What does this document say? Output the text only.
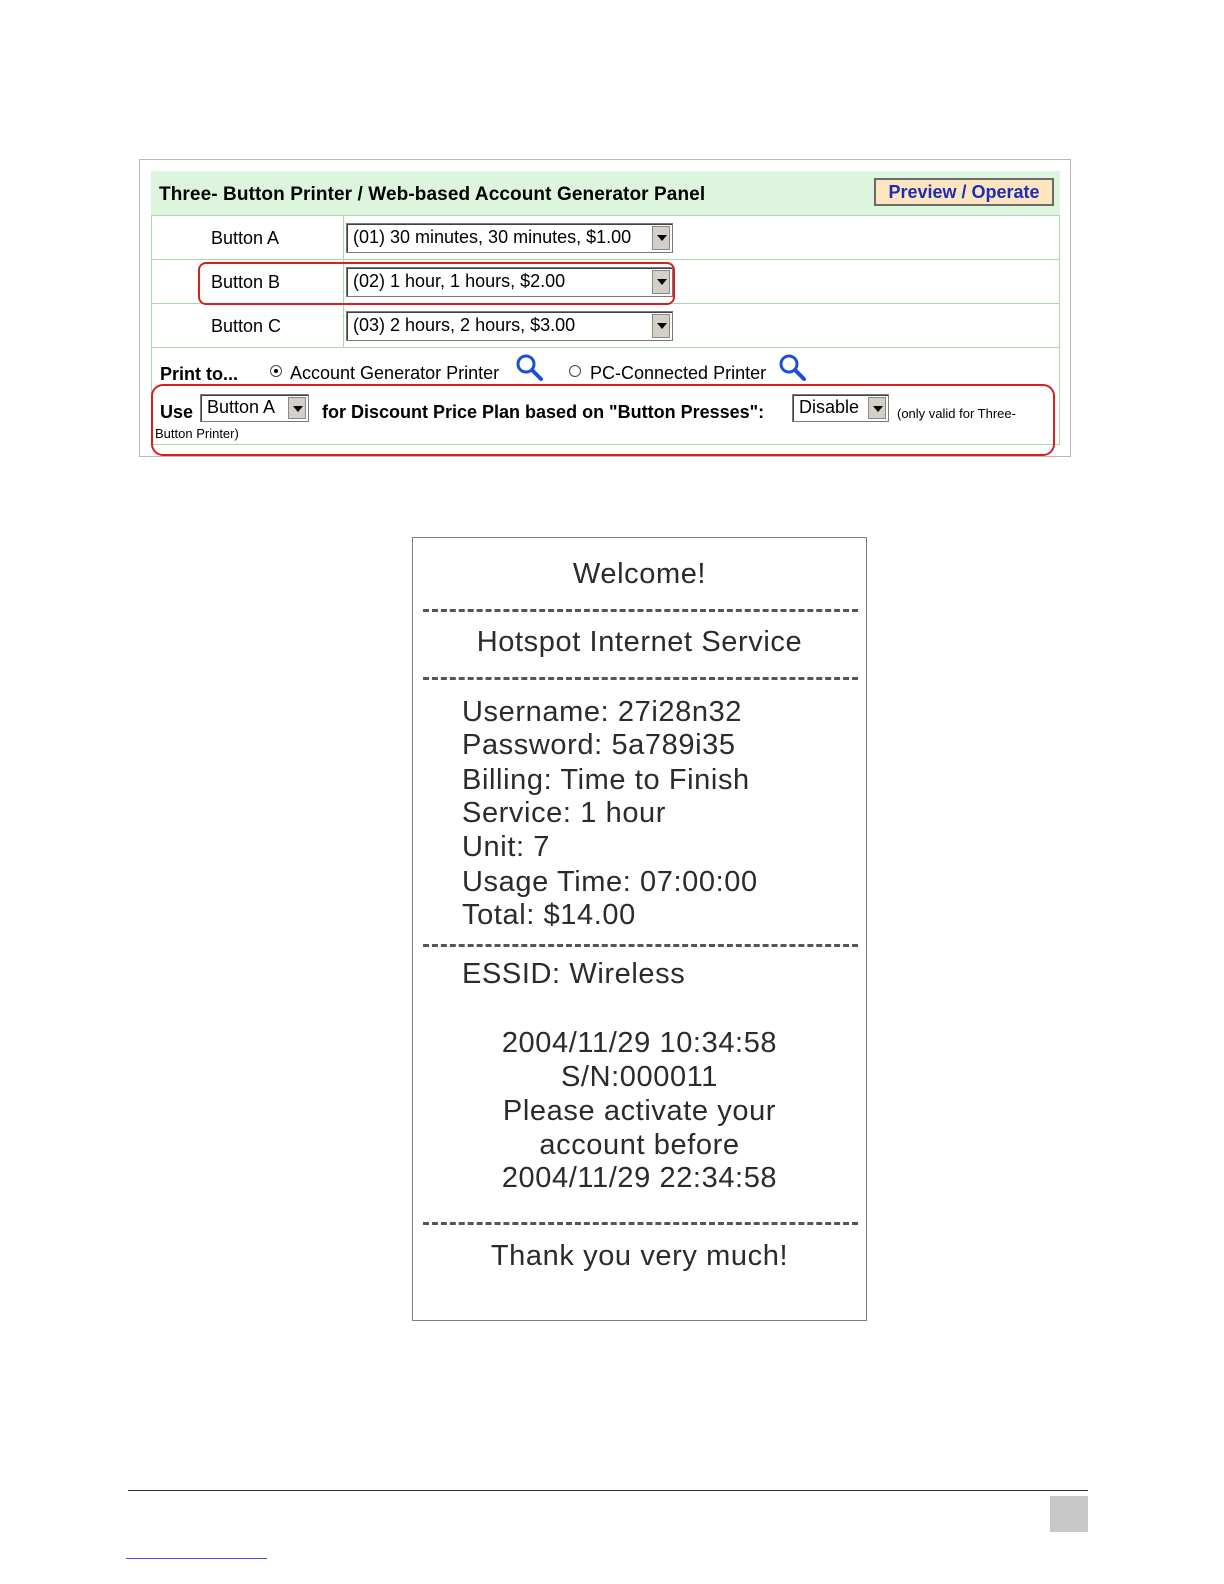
Three- Button Printer / Web-based Account Generator Panel	Preview / Operate
Button A	(01) 30 minutes, 30 minutes, $1.00
Button B	(02) 1 hour, 1 hours, $2.00
Button C	(03) 2 hours, 2 hours, $3.00
Print to...	Account Generator Printer	PC-Connected Printer
Use Button A	for Discount Price Plan based on "Button Presses": Disable	(only valid for Three-
Button Printer)
Welcome!
Hotspot Internet Service
Username: 27i28n32
Password: 5a789i35
Billing: Time to Finish
Service: 1 hour
Unit: 7
Usage Time: 07:00:00
Total: $14.00
ESSID: Wireless
2004/11/29 10:34:58
S/N:000011
Please activate your
account before
2004/11/29 22:34:58
Thank you very much!
